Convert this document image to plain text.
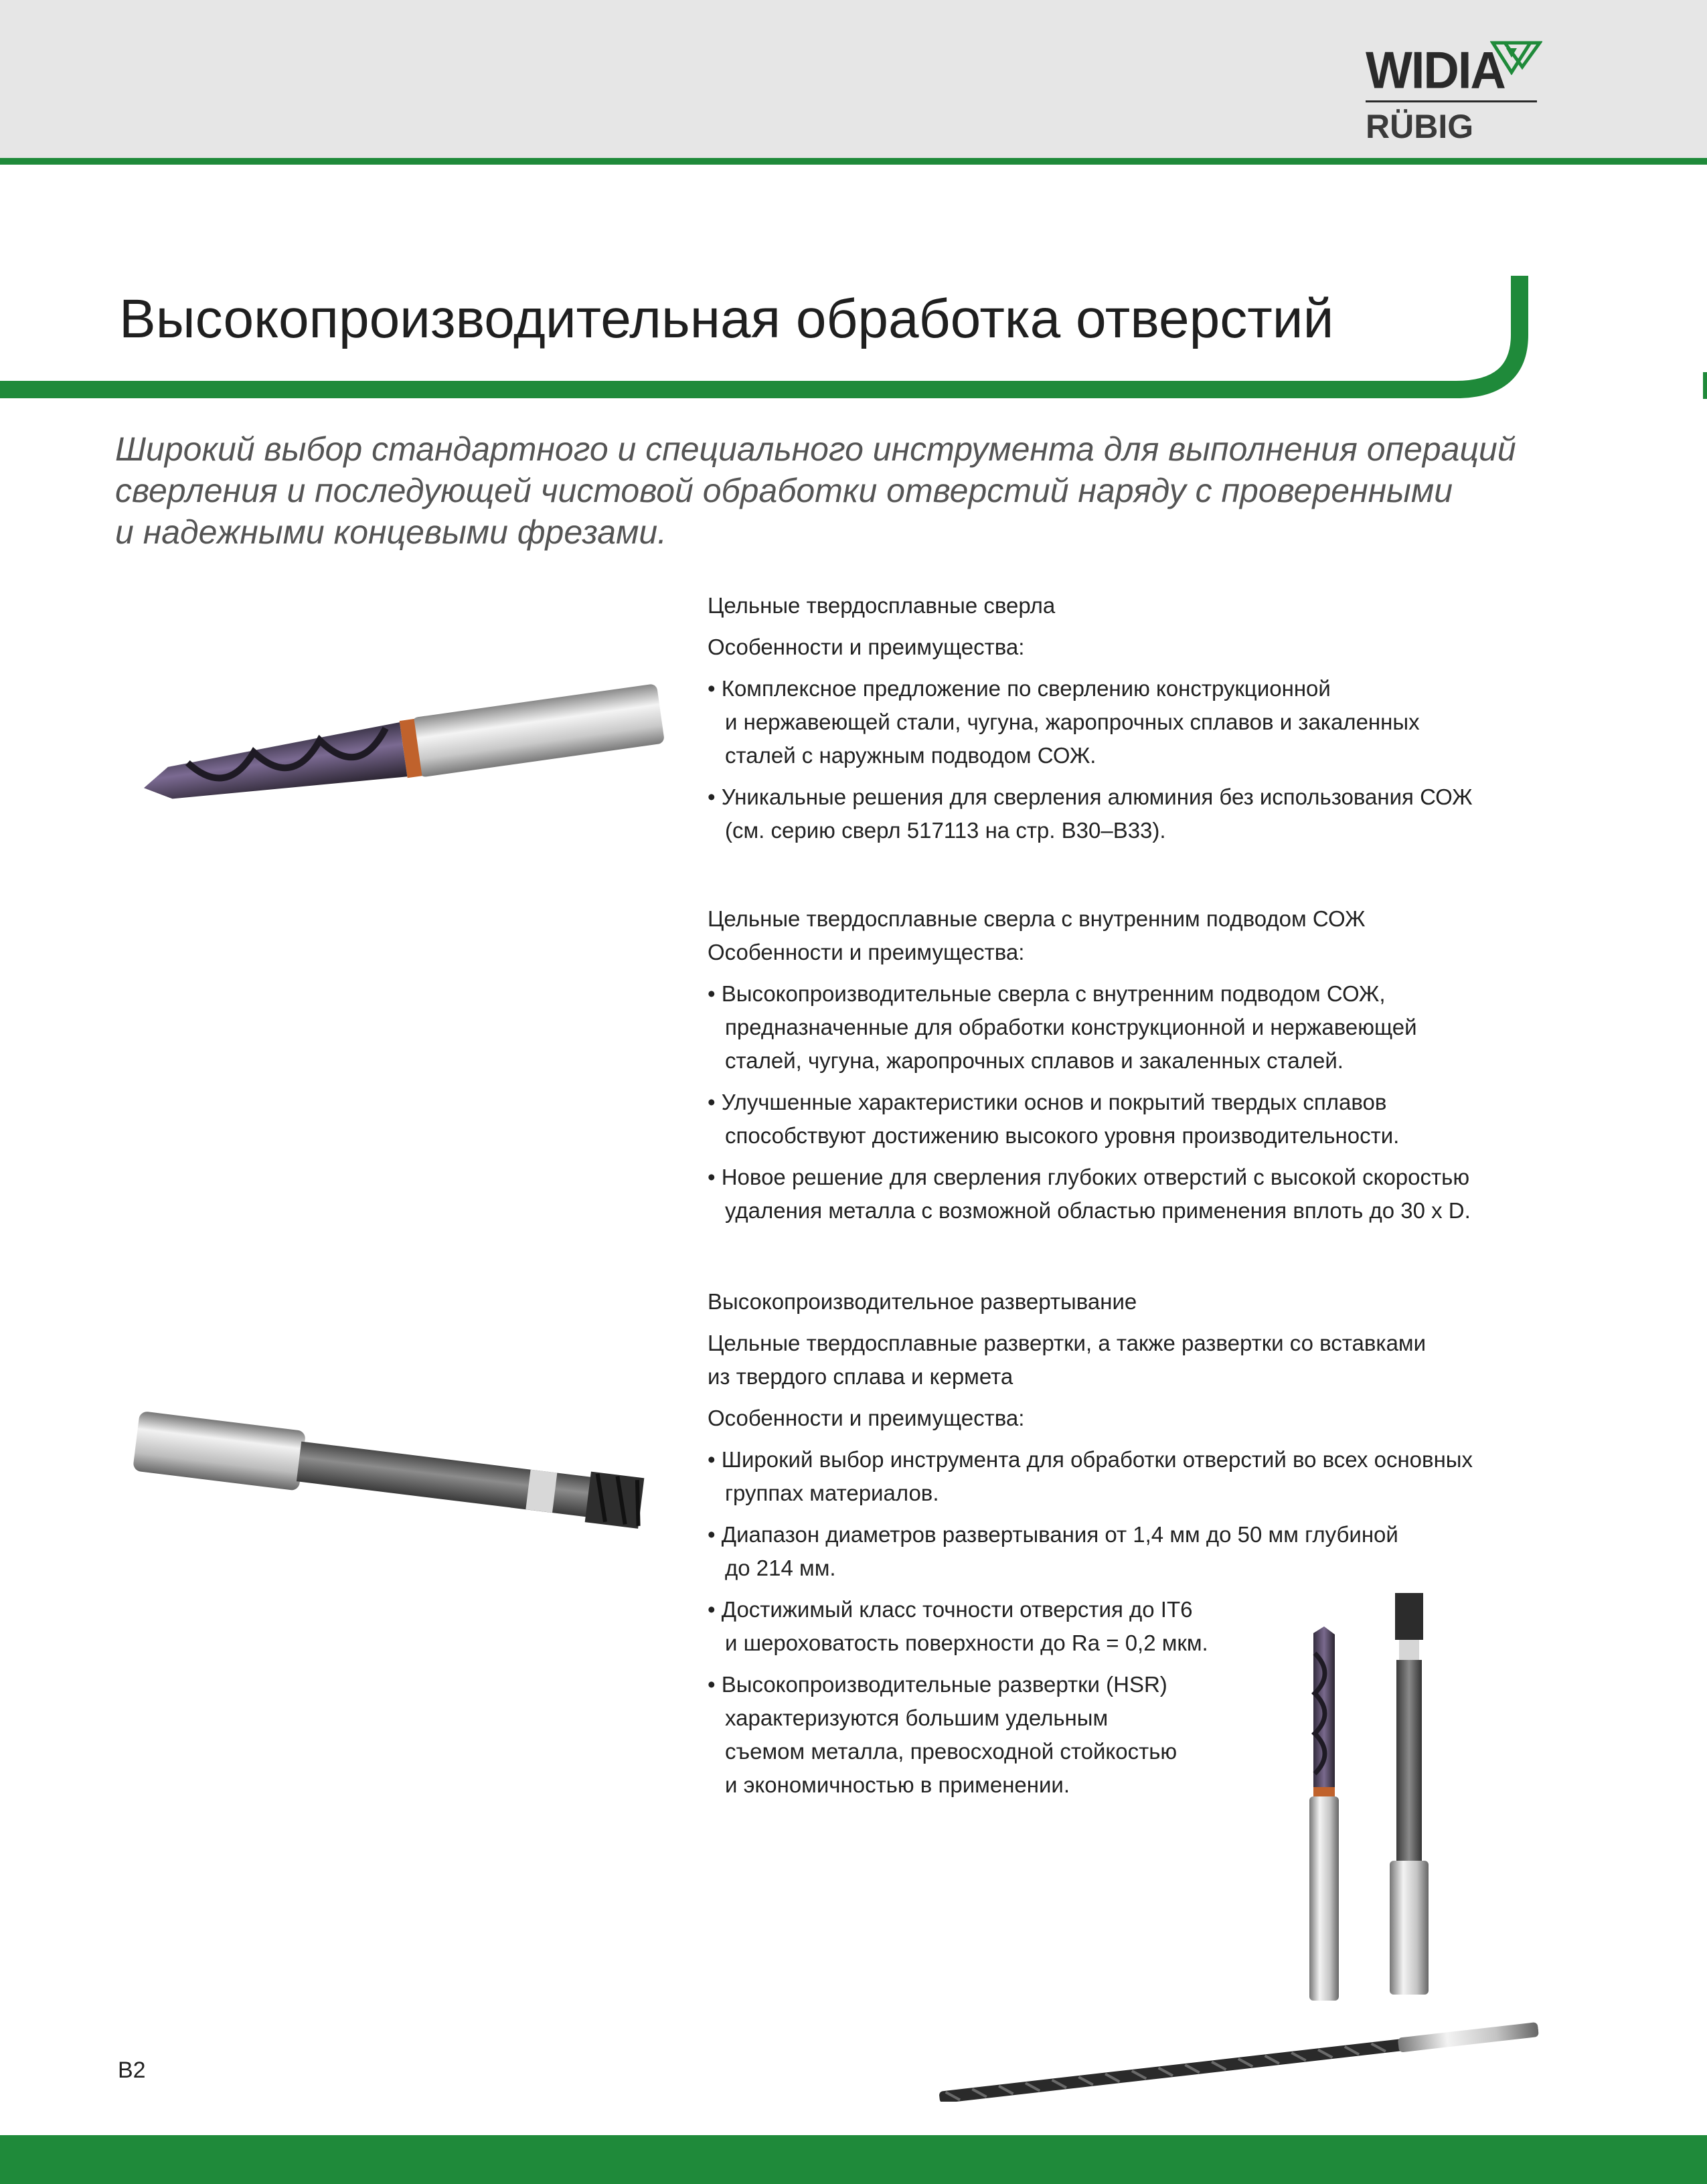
WIDIA
RÜBIG
Высокопроизводительная обработка отверстий
Широкий выбор стандартного и специального инструмента для выполнения операций
сверления и последующей чистовой обработки отверстий наряду с проверенными
и надежными концевыми фрезами.
Цельные твердосплавные сверла
Особенности и преимущества:
• Комплексное предложение по сверлению конструкционной
и нержавеющей стали, чугуна, жаропрочных сплавов и закаленных
сталей с наружным подводом СОЖ.
• Уникальные решения для сверления алюминия без использования СОЖ
(см. серию сверл 517113 на стр. В30–В33).
Цельные твердосплавные сверла с внутренним подводом СОЖ
Особенности и преимущества:
• Высокопроизводительные сверла с внутренним подводом СОЖ,
предназначенные для обработки конструкционной и нержавеющей
сталей, чугуна, жаропрочных сплавов и закаленных сталей.
• Улучшенные характеристики основ и покрытий твердых сплавов
способствуют достижению высокого уровня производительности.
• Новое решение для сверления глубоких отверстий с высокой скоростью
удаления металла с возможной областью применения вплоть до 30 x D.
Высокопроизводительное развертывание
Цельные твердосплавные развертки, а также развертки со вставками
из твердого сплава и кермета
Особенности и преимущества:
• Широкий выбор инструмента для обработки отверстий во всех основных
группах материалов.
• Диапазон диаметров развертывания от 1,4 мм до 50 мм глубиной
до 214 мм.
• Достижимый класс точности отверстия до IT6
и шероховатость поверхности до Ra = 0,2 мкм.
• Высокопроизводительные развертки (HSR)
характеризуются большим удельным
съемом металла, превосходной стойкостью
и экономичностью в применении.
B2
